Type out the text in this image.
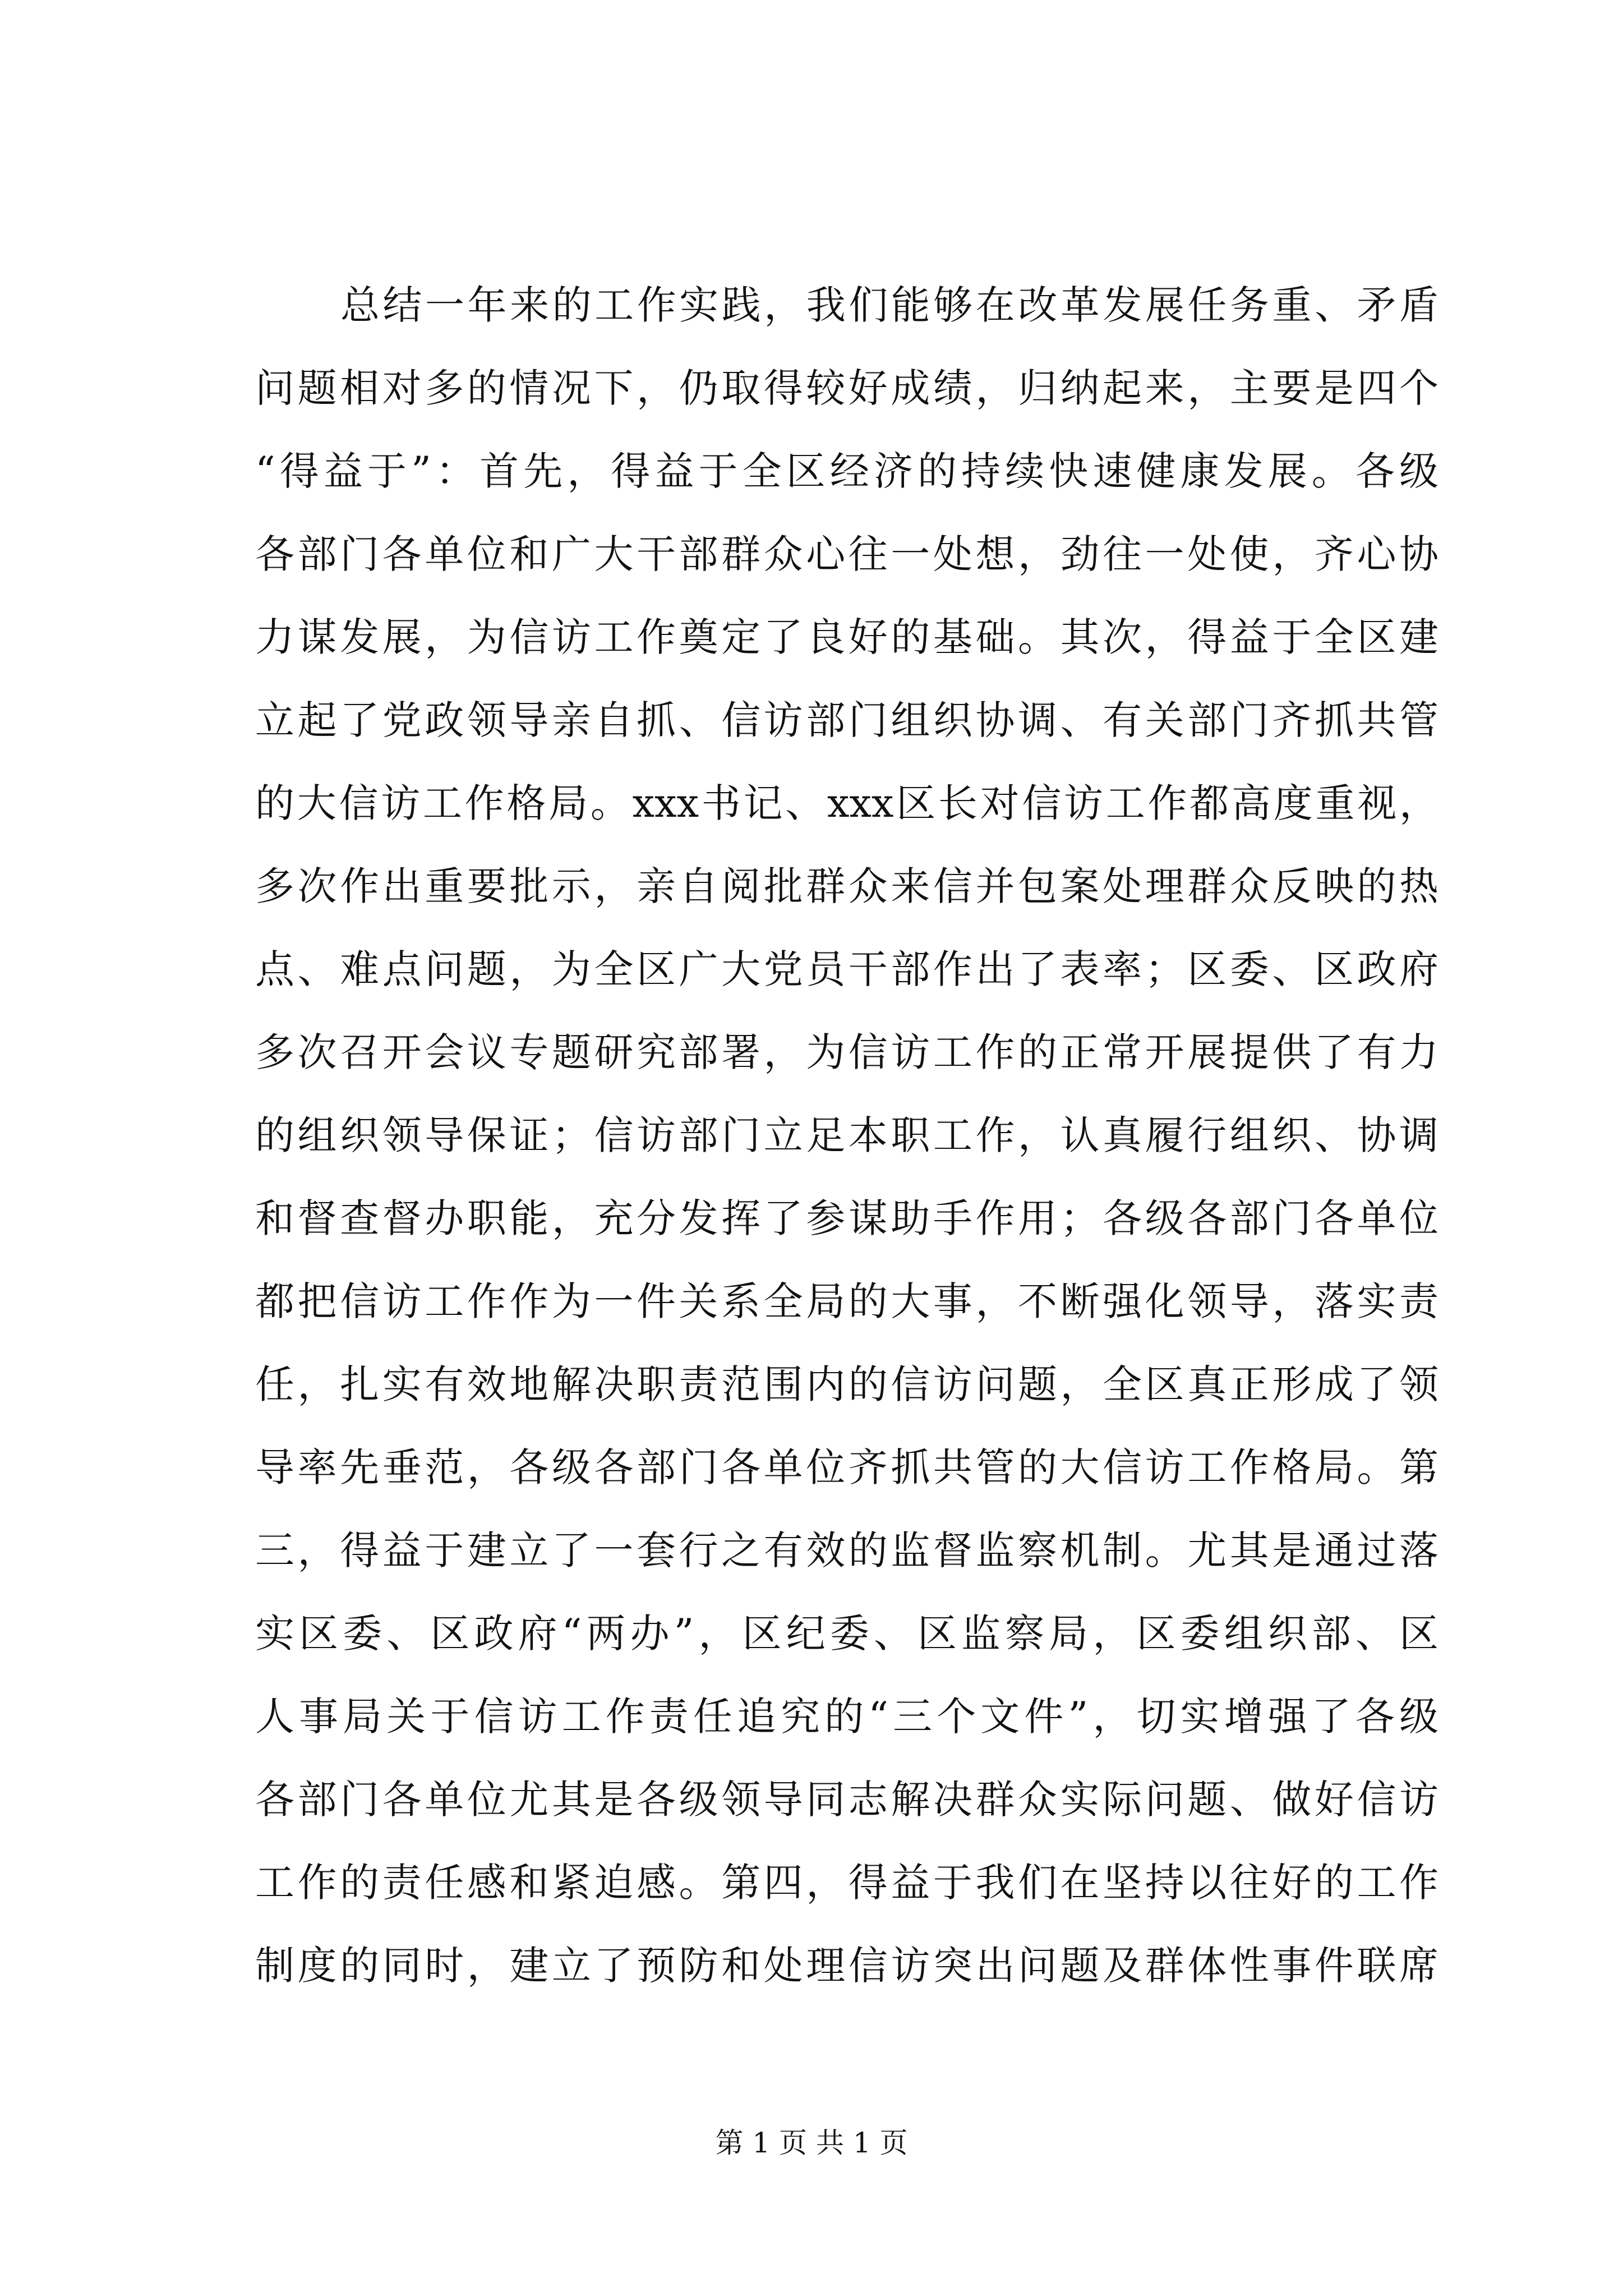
总结一年来的工作实践，我们能够在改革发展任务重、矛盾
问题相对多的情况下，仍取得较好成绩，归纳起来，主要是四个
“得益于”：首先，得益于全区经济的持续快速健康发展。各级
各部门各单位和广大干部群众心往一处想，劲往一处使，齐心协
力谋发展，为信访工作奠定了良好的基础。其次，得益于全区建
立起了党政领导亲自抓、信访部门组织协调、有关部门齐抓共管
的大信访工作格局。xxx书记、xxx区长对信访工作都高度重视，
多次作出重要批示，亲自阅批群众来信并包案处理群众反映的热
点、难点问题，为全区广大党员干部作出了表率；区委、区政府
多次召开会议专题研究部署，为信访工作的正常开展提供了有力
的组织领导保证；信访部门立足本职工作，认真履行组织、协调
和督查督办职能，充分发挥了参谋助手作用；各级各部门各单位
都把信访工作作为一件关系全局的大事，不断强化领导，落实责
任，扎实有效地解决职责范围内的信访问题，全区真正形成了领
导率先垂范，各级各部门各单位齐抓共管的大信访工作格局。第
三，得益于建立了一套行之有效的监督监察机制。尤其是通过落
实区委、区政府“两办”，区纪委、区监察局，区委组织部、区
人事局关于信访工作责任追究的“三个文件”，切实增强了各级
各部门各单位尤其是各级领导同志解决群众实际问题、做好信访
工作的责任感和紧迫感。第四，得益于我们在坚持以往好的工作
制度的同时，建立了预防和处理信访突出问题及群体性事件联席
第 1 页 共 1 页
